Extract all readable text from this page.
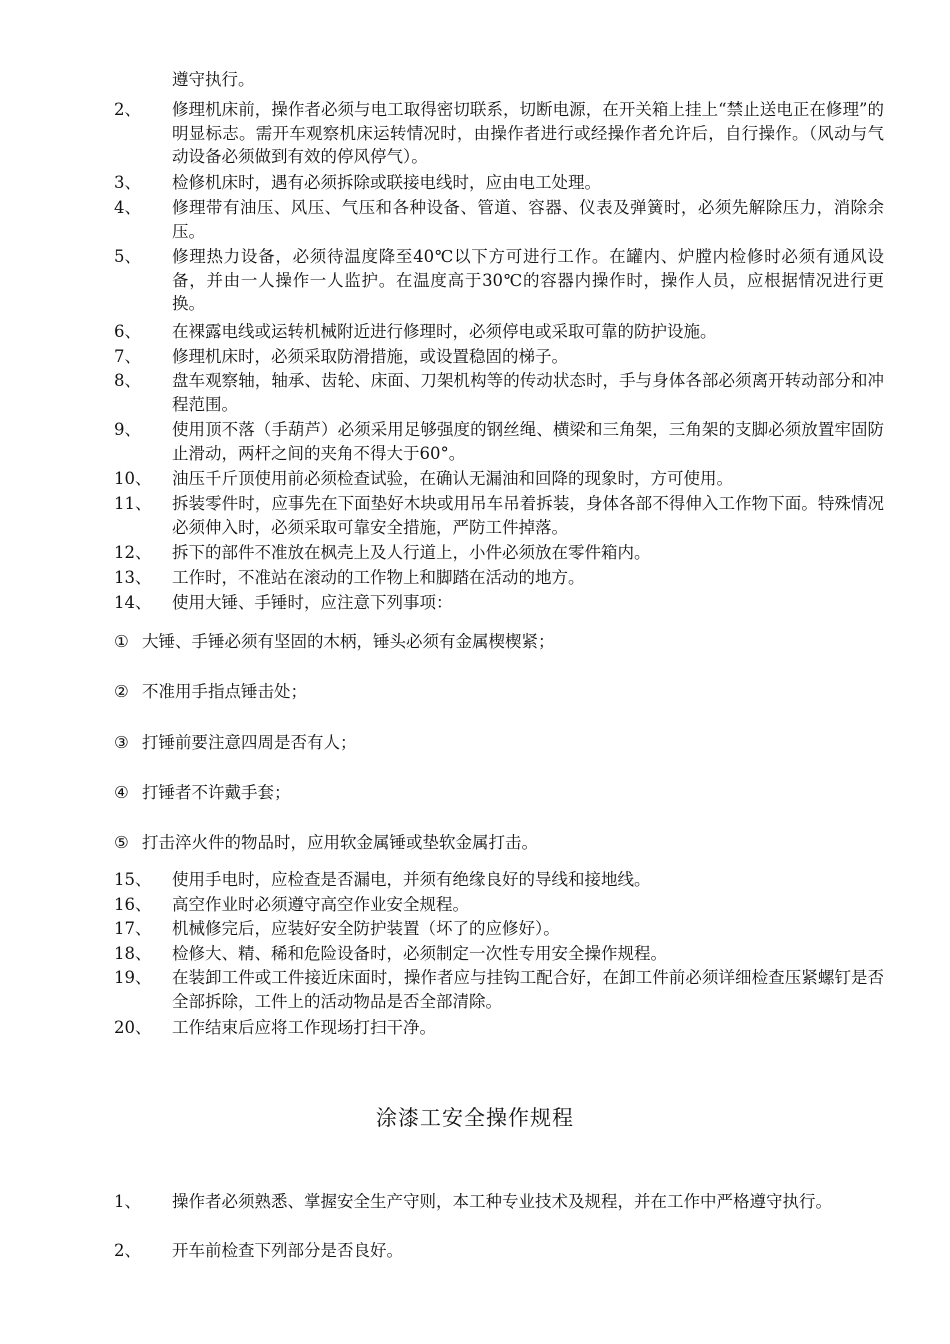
遵守执行。
2、	修理机床前，操作者必须与电工取得密切联系，切断电源，在开关箱上挂上“禁止送电正在修理”的明显标志。需开车观察机床运转情况时，由操作者进行或经操作者允许后，自行操作。（风动与气动设备必须做到有效的停风停气）。
3、	检修机床时，遇有必须拆除或联接电线时，应由电工处理。
4、	修理带有油压、风压、气压和各种设备、管道、容器、仪表及弹簧时，必须先解除压力，消除余压。
5、	修理热力设备，必须待温度降至40℃以下方可进行工作。在罐内、炉膛内检修时必须有通风设备，并由一人操作一人监护。在温度高于30℃的容器内操作时，操作人员，应根据情况进行更换。
6、	在裸露电线或运转机械附近进行修理时，必须停电或采取可靠的防护设施。
7、	修理机床时，必须采取防滑措施，或设置稳固的梯子。
8、	盘车观察轴，轴承、齿轮、床面、刀架机构等的传动状态时，手与身体各部必须离开转动部分和冲程范围。
9、	使用顶不落（手葫芦）必须采用足够强度的钢丝绳、横梁和三角架，三角架的支脚必须放置牢固防止滑动，两杆之间的夹角不得大于60°。
10、	油压千斤顶使用前必须检查试验，在确认无漏油和回降的现象时，方可使用。
11、	拆装零件时，应事先在下面垫好木块或用吊车吊着拆装，身体各部不得伸入工作物下面。特殊情况必须伸入时，必须采取可靠安全措施，严防工件掉落。
12、	拆下的部件不准放在枫壳上及人行道上，小件必须放在零件箱内。
13、	工作时，不准站在滚动的工作物上和脚踏在活动的地方。
14、	使用大锤、手锤时，应注意下列事项：
① 大锤、手锤必须有坚固的木柄，锤头必须有金属楔楔紧；
② 不准用手指点锤击处；
③ 打锤前要注意四周是否有人；
④ 打锤者不许戴手套；
⑤ 打击淬火件的物品时，应用软金属锤或垫软金属打击。
15、	使用手电时，应检查是否漏电，并须有绝缘良好的导线和接地线。
16、	高空作业时必须遵守高空作业安全规程。
17、	机械修完后，应装好安全防护装置（坏了的应修好）。
18、	检修大、精、稀和危险设备时，必须制定一次性专用安全操作规程。
19、	在装卸工件或工件接近床面时，操作者应与挂钩工配合好，在卸工件前必须详细检查压紧螺钉是否全部拆除，工件上的活动物品是否全部清除。
20、	工作结束后应将工作现场打扫干净。
涂漆工安全操作规程
1、	操作者必须熟悉、掌握安全生产守则，本工种专业技术及规程，并在工作中严格遵守执行。
2、	开车前检查下列部分是否良好。
